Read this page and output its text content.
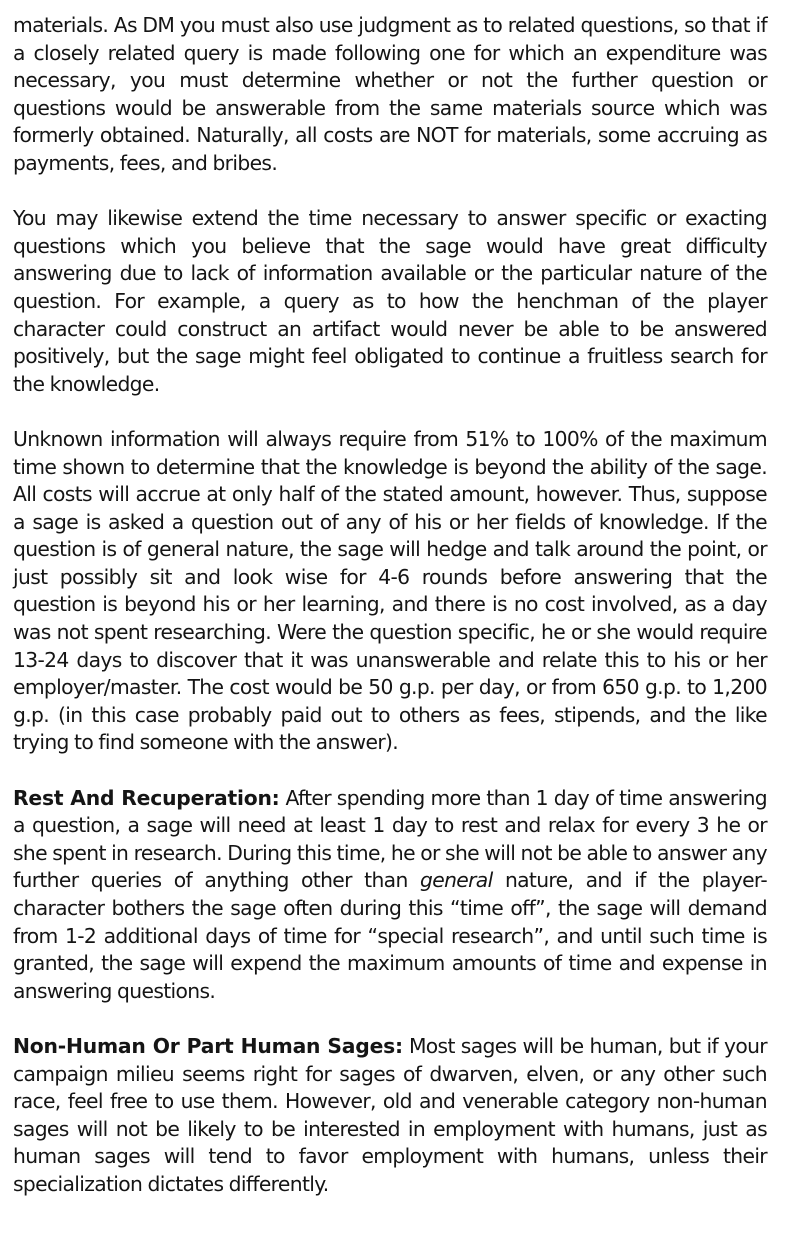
materials. As DM you must also use judgment as to related questions, so that if a closely related query is made following one for which an expenditure was necessary, you must determine whether or not the further question or questions would be answerable from the same materials source which was formerly obtained. Naturally, all costs are NOT for materials, some accruing as payments, fees, and bribes.

You may likewise extend the time necessary to answer specific or exacting questions which you believe that the sage would have great difficulty answering due to lack of information available or the particular nature of the question. For example, a query as to how the henchman of the player character could construct an artifact would never be able to be answered positively, but the sage might feel obligated to continue a fruitless search for the knowledge.

Unknown information will always require from 51% to 100% of the maximum time shown to determine that the knowledge is beyond the ability of the sage. All costs will accrue at only half of the stated amount, however. Thus, suppose a sage is asked a question out of any of his or her fields of knowledge. If the question is of general nature, the sage will hedge and talk around the point, or just possibly sit and look wise for 4-6 rounds before answering that the question is beyond his or her learning, and there is no cost involved, as a day was not spent researching. Were the question specific, he or she would require 13-24 days to discover that it was unanswerable and relate this to his or her employer/master. The cost would be 50 g.p. per day, or from 650 g.p. to 1,200 g.p. (in this case probably paid out to others as fees, stipends, and the like trying to find someone with the answer).

Rest And Recuperation: After spending more than 1 day of time answering a question, a sage will need at least 1 day to rest and relax for every 3 he or she spent in research. During this time, he or she will not be able to answer any further queries of anything other than general nature, and if the player-character bothers the sage often during this “time off”, the sage will demand from 1-2 additional days of time for “special research”, and until such time is granted, the sage will expend the maximum amounts of time and expense in answering questions.

Non-Human Or Part Human Sages: Most sages will be human, but if your campaign milieu seems right for sages of dwarven, elven, or any other such race, feel free to use them. However, old and venerable category non-human sages will not be likely to be interested in employment with humans, just as human sages will tend to favor employment with humans, unless their specialization dictates differently.
